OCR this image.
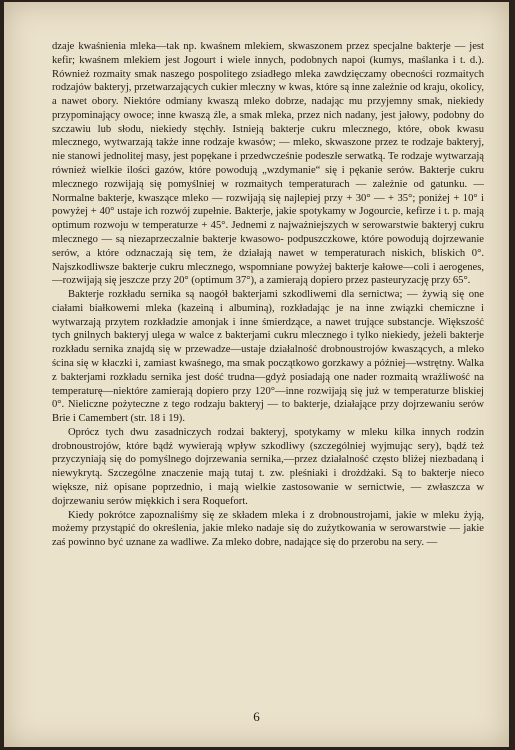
dzaje kwaśnienia mleka—tak np. kwaśnem mlekiem, skwaszonem przez specjalne bakterje — jest kefir; kwaśnem mlekiem jest Jogourt i wiele innych, podobnych napoi (kumys, maślanka i t. d.). Również rozmaity smak naszego pospolitego zsiadłego mleka zawdzięczamy obecności rozmaitych rodzajów bakteryj, przetwarzających cukier mleczny w kwas, które są inne zależnie od kraju, okolicy, a nawet obory. Niektóre odmiany kwaszą mleko dobrze, nadając mu przyjemny smak, niekiedy przypominający owoce; inne kwaszą źle, a smak mleka, przez nich nadany, jest jałowy, podobny do szczawiu lub słodu, niekiedy stęchły. Istnieją bakterje cukru mlecznego, które, obok kwasu mlecznego, wytwarzają także inne rodzaje kwasów; — mleko, skwaszone przez te rodzaje bakteryj, nie stanowi jednolitej masy, jest popękane i przedwcześnie podeszłe serwatką. Te rodzaje wytwarzają również wielkie ilości gazów, które powodują „wzdymanie“ się i pękanie serów. Bakterje cukru mlecznego rozwijają się pomyślniej w rozmaitych temperaturach — zależnie od gatunku. — Normalne bakterje, kwaszące mleko — rozwijają się najlepiej przy + 30° — + 35°; poniżej + 10° i powyżej + 40° ustaje ich rozwój zupełnie. Bakterje, jakie spotykamy w Jogourcie, kefirze i t. p. mają optimum rozwoju w temperaturze + 45°. Jednemi z najważniejszych w serowarstwie bakteryj cukru mlecznego — są niezaprzeczalnie bakterje kwasowo- podpuszczkowe, które powodują dojrzewanie serów, a które odznaczają się tem, że działają nawet w temperaturach niskich, bliskich 0°. Najszkodliwsze bakterje cukru mlecznego, wspomniane powyżej bakterje kałowe—coli i aerogenes,—rozwijają się jeszcze przy 20° (optimum 37°), a zamierają dopiero przez pasteuryzację przy 65°.

Bakterje rozkładu sernika są naogół bakterjami szkodliwemi dla sernictwa; — żywią się one ciałami białkowemi mleka (kazeiną i albuminą), rozkładając je na inne związki chemiczne i wytwarzają przytem rozkładzie amonjak i inne śmierdzące, a nawet trujące substancje. Większość tych gnilnych bakteryj ulega w walce z bakterjami cukru mlecznego i tylko niekiedy, jeżeli bakterje rozkładu sernika znajdą się w przewadze—ustaje działalność drobnoustrojów kwaszących, a mleko ścina się w kłaczki i, zamiast kwaśnego, ma smak początkowo gorzkawy a później—wstrętny. Walka z bakterjami rozkładu sernika jest dość trudna—gdyż posiadają one nader rozmaitą wrażliwość na temperaturę—niektóre zamierają dopiero przy 120°—inne rozwijają się już w temperaturze bliskiej 0°. Nieliczne pożyteczne z tego rodzaju bakteryj — to bakterje, działające przy dojrzewaniu serów Brie i Camembert (str. 18 i 19).

Oprócz tych dwu zasadniczych rodzai bakteryj, spotykamy w mleku kilka innych rodzin drobnoustrojów, które bądź wywierają wpływ szkodliwy (szczególniej wyjmując sery), bądź też przyczyniają się do pomyślnego dojrzewania sernika,—przez działalność często bliżej niezbadaną i niewykrytą. Szczególne znaczenie mają tutaj t. zw. pleśniaki i drożdżaki. Są to bakterje nieco większe, niż opisane poprzednio, i mają wielkie zastosowanie w sernictwie, — zwłaszcza w dojrzewaniu serów miękkich i sera Roquefort.

Kiedy pokrótce zapoznaliśmy się ze składem mleka i z drobnoustrojami, jakie w mleku żyją, możemy przystąpić do określenia, jakie mleko nadaje się do zużytkowania w serowarstwie — jakie zaś powinno być uznane za wadliwe. Za mleko dobre, nadające się do przerobu na sery. —

6
